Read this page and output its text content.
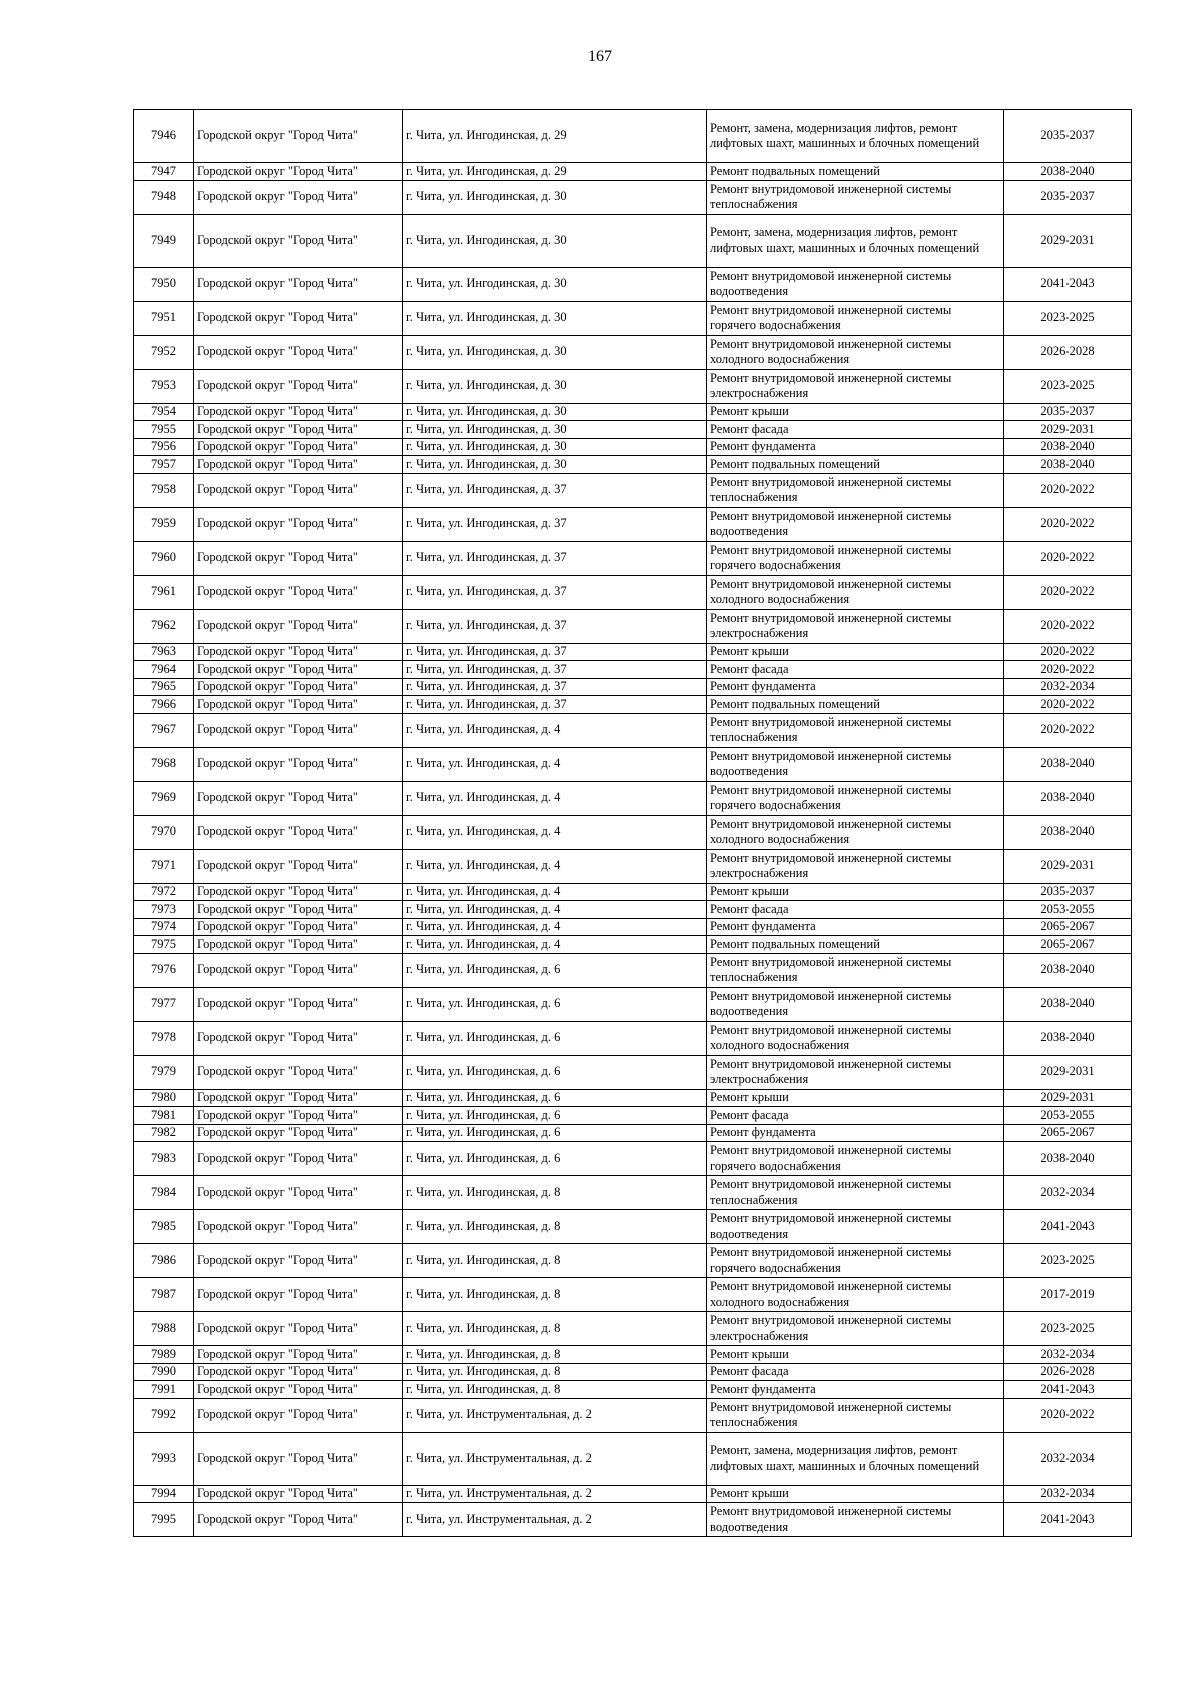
167
7946	Городской округ "Город Чита"	г. Чита, ул. Ингодинская, д. 29	Ремонт, замена, модернизация лифтов, ремонт лифтовых шахт, машинных и блочных помещений	2035-2037
7947	Городской округ "Город Чита"	г. Чита, ул. Ингодинская, д. 29	Ремонт подвальных помещений	2038-2040
7948	Городской округ "Город Чита"	г. Чита, ул. Ингодинская, д. 30	Ремонт внутридомовой инженерной системы теплоснабжения	2035-2037
7949	Городской округ "Город Чита"	г. Чита, ул. Ингодинская, д. 30	Ремонт, замена, модернизация лифтов, ремонт лифтовых шахт, машинных и блочных помещений	2029-2031
7950	Городской округ "Город Чита"	г. Чита, ул. Ингодинская, д. 30	Ремонт внутридомовой инженерной системы водоотведения	2041-2043
7951	Городской округ "Город Чита"	г. Чита, ул. Ингодинская, д. 30	Ремонт внутридомовой инженерной системы горячего водоснабжения	2023-2025
7952	Городской округ "Город Чита"	г. Чита, ул. Ингодинская, д. 30	Ремонт внутридомовой инженерной системы холодного водоснабжения	2026-2028
7953	Городской округ "Город Чита"	г. Чита, ул. Ингодинская, д. 30	Ремонт внутридомовой инженерной системы электроснабжения	2023-2025
7954	Городской округ "Город Чита"	г. Чита, ул. Ингодинская, д. 30	Ремонт крыши	2035-2037
7955	Городской округ "Город Чита"	г. Чита, ул. Ингодинская, д. 30	Ремонт фасада	2029-2031
7956	Городской округ "Город Чита"	г. Чита, ул. Ингодинская, д. 30	Ремонт фундамента	2038-2040
7957	Городской округ "Город Чита"	г. Чита, ул. Ингодинская, д. 30	Ремонт подвальных помещений	2038-2040
7958	Городской округ "Город Чита"	г. Чита, ул. Ингодинская, д. 37	Ремонт внутридомовой инженерной системы теплоснабжения	2020-2022
7959	Городской округ "Город Чита"	г. Чита, ул. Ингодинская, д. 37	Ремонт внутридомовой инженерной системы водоотведения	2020-2022
7960	Городской округ "Город Чита"	г. Чита, ул. Ингодинская, д. 37	Ремонт внутридомовой инженерной системы горячего водоснабжения	2020-2022
7961	Городской округ "Город Чита"	г. Чита, ул. Ингодинская, д. 37	Ремонт внутридомовой инженерной системы холодного водоснабжения	2020-2022
7962	Городской округ "Город Чита"	г. Чита, ул. Ингодинская, д. 37	Ремонт внутридомовой инженерной системы электроснабжения	2020-2022
7963	Городской округ "Город Чита"	г. Чита, ул. Ингодинская, д. 37	Ремонт крыши	2020-2022
7964	Городской округ "Город Чита"	г. Чита, ул. Ингодинская, д. 37	Ремонт фасада	2020-2022
7965	Городской округ "Город Чита"	г. Чита, ул. Ингодинская, д. 37	Ремонт фундамента	2032-2034
7966	Городской округ "Город Чита"	г. Чита, ул. Ингодинская, д. 37	Ремонт подвальных помещений	2020-2022
7967	Городской округ "Город Чита"	г. Чита, ул. Ингодинская, д. 4	Ремонт внутридомовой инженерной системы теплоснабжения	2020-2022
7968	Городской округ "Город Чита"	г. Чита, ул. Ингодинская, д. 4	Ремонт внутридомовой инженерной системы водоотведения	2038-2040
7969	Городской округ "Город Чита"	г. Чита, ул. Ингодинская, д. 4	Ремонт внутридомовой инженерной системы горячего водоснабжения	2038-2040
7970	Городской округ "Город Чита"	г. Чита, ул. Ингодинская, д. 4	Ремонт внутридомовой инженерной системы холодного водоснабжения	2038-2040
7971	Городской округ "Город Чита"	г. Чита, ул. Ингодинская, д. 4	Ремонт внутридомовой инженерной системы электроснабжения	2029-2031
7972	Городской округ "Город Чита"	г. Чита, ул. Ингодинская, д. 4	Ремонт крыши	2035-2037
7973	Городской округ "Город Чита"	г. Чита, ул. Ингодинская, д. 4	Ремонт фасада	2053-2055
7974	Городской округ "Город Чита"	г. Чита, ул. Ингодинская, д. 4	Ремонт фундамента	2065-2067
7975	Городской округ "Город Чита"	г. Чита, ул. Ингодинская, д. 4	Ремонт подвальных помещений	2065-2067
7976	Городской округ "Город Чита"	г. Чита, ул. Ингодинская, д. 6	Ремонт внутридомовой инженерной системы теплоснабжения	2038-2040
7977	Городской округ "Город Чита"	г. Чита, ул. Ингодинская, д. 6	Ремонт внутридомовой инженерной системы водоотведения	2038-2040
7978	Городской округ "Город Чита"	г. Чита, ул. Ингодинская, д. 6	Ремонт внутридомовой инженерной системы холодного водоснабжения	2038-2040
7979	Городской округ "Город Чита"	г. Чита, ул. Ингодинская, д. 6	Ремонт внутридомовой инженерной системы электроснабжения	2029-2031
7980	Городской округ "Город Чита"	г. Чита, ул. Ингодинская, д. 6	Ремонт крыши	2029-2031
7981	Городской округ "Город Чита"	г. Чита, ул. Ингодинская, д. 6	Ремонт фасада	2053-2055
7982	Городской округ "Город Чита"	г. Чита, ул. Ингодинская, д. 6	Ремонт фундамента	2065-2067
7983	Городской округ "Город Чита"	г. Чита, ул. Ингодинская, д. 6	Ремонт внутридомовой инженерной системы горячего водоснабжения	2038-2040
7984	Городской округ "Город Чита"	г. Чита, ул. Ингодинская, д. 8	Ремонт внутридомовой инженерной системы теплоснабжения	2032-2034
7985	Городской округ "Город Чита"	г. Чита, ул. Ингодинская, д. 8	Ремонт внутридомовой инженерной системы водоотведения	2041-2043
7986	Городской округ "Город Чита"	г. Чита, ул. Ингодинская, д. 8	Ремонт внутридомовой инженерной системы горячего водоснабжения	2023-2025
7987	Городской округ "Город Чита"	г. Чита, ул. Ингодинская, д. 8	Ремонт внутридомовой инженерной системы холодного водоснабжения	2017-2019
7988	Городской округ "Город Чита"	г. Чита, ул. Ингодинская, д. 8	Ремонт внутридомовой инженерной системы электроснабжения	2023-2025
7989	Городской округ "Город Чита"	г. Чита, ул. Ингодинская, д. 8	Ремонт крыши	2032-2034
7990	Городской округ "Город Чита"	г. Чита, ул. Ингодинская, д. 8	Ремонт фасада	2026-2028
7991	Городской округ "Город Чита"	г. Чита, ул. Ингодинская, д. 8	Ремонт фундамента	2041-2043
7992	Городской округ "Город Чита"	г. Чита, ул. Инструментальная, д. 2	Ремонт внутридомовой инженерной системы теплоснабжения	2020-2022
7993	Городской округ "Город Чита"	г. Чита, ул. Инструментальная, д. 2	Ремонт, замена, модернизация лифтов, ремонт лифтовых шахт, машинных и блочных помещений	2032-2034
7994	Городской округ "Город Чита"	г. Чита, ул. Инструментальная, д. 2	Ремонт крыши	2032-2034
7995	Городской округ "Город Чита"	г. Чита, ул. Инструментальная, д. 2	Ремонт внутридомовой инженерной системы водоотведения	2041-2043
